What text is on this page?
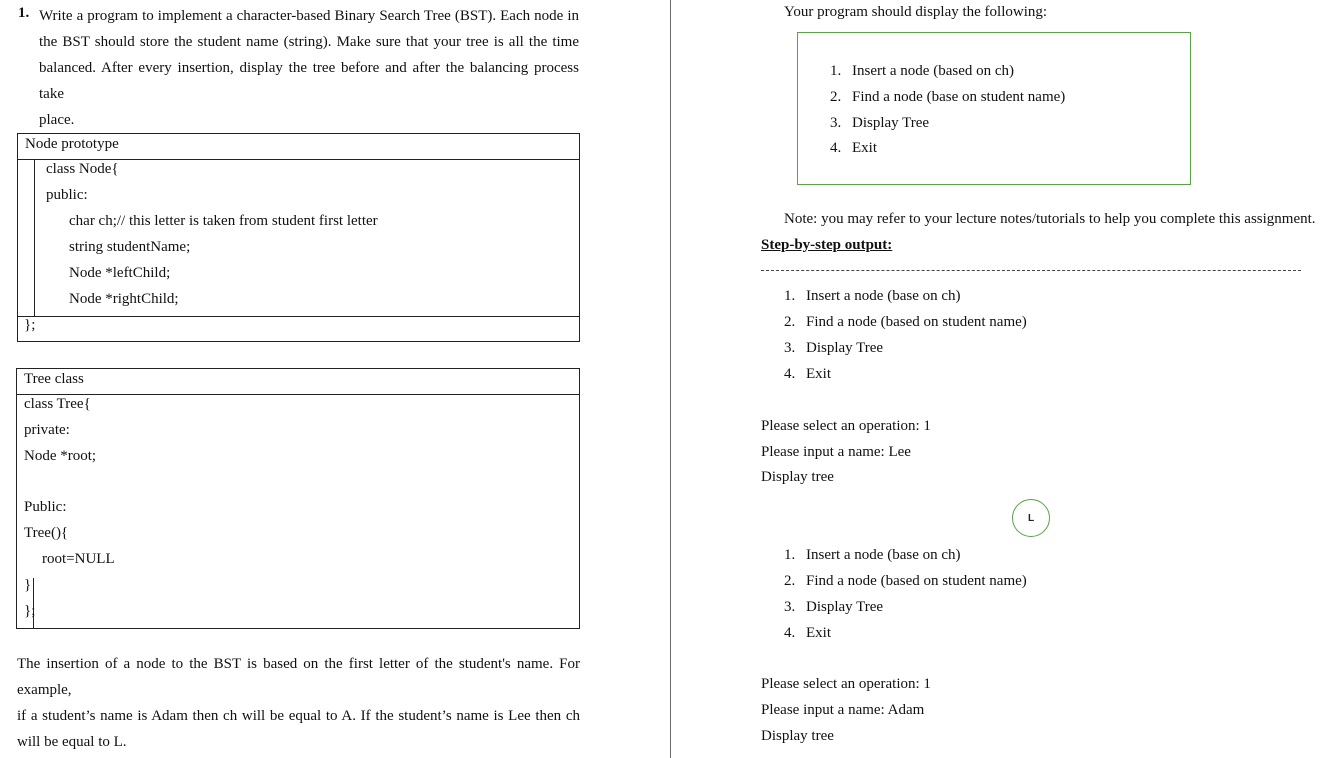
1. Write a program to implement a character-based Binary Search Tree (BST). Each node in
the BST should store the student name (string). Make sure that your tree is all the time
balanced. After every insertion, display the tree before and after the balancing process take
place.
Node prototype
class Node{
public:
char ch;// this letter is taken from student first letter
string studentName;
Node *leftChild;
Node *rightChild;
};
Tree class
class Tree{
private:
Node *root;
Public:
Tree(){
root=NULL
}
};
The insertion of a node to the BST is based on the first letter of the student's name. For example,
if a student’s name is Adam then ch will be equal to A. If the student’s name is Lee then ch
will be equal to L.
Your program should display the following:
1. Insert a node (based on ch)
2. Find a node (base on student name)
3. Display Tree
4. Exit
Note: you may refer to your lecture notes/tutorials to help you complete this assignment.
Step-by-step output:
1. Insert a node (base on ch)
2. Find a node (based on student name)
3. Display Tree
4. Exit
Please select an operation: 1
Please input a name: Lee
Display tree
L
1. Insert a node (base on ch)
2. Find a node (based on student name)
3. Display Tree
4. Exit
Please select an operation: 1
Please input a name: Adam
Display tree
